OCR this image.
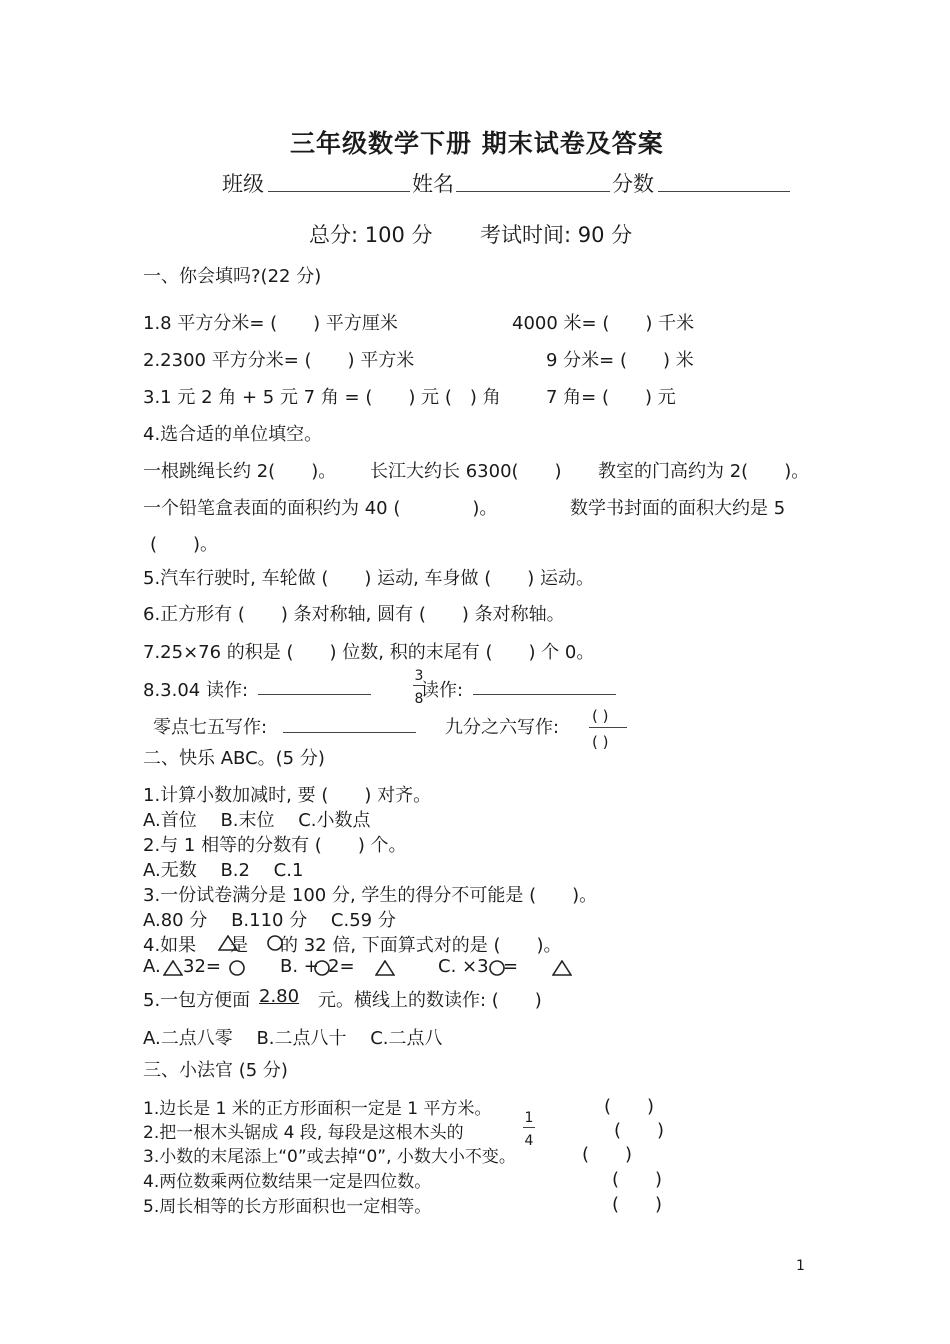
三年级数学下册 期末试卷及答案
班级	姓名	分数
总分: 100 分 考试时间: 90 分
一、你会填吗?(22 分)
1.8 平方分米= (　　) 平方厘米	4000 米= (　　) 千米
2.2300 平方分米= (　　) 平方米	9 分米= (　　) 米
3.1 元 2 角 + 5 元 7 角 = (　　) 元 (　) 角	7 角= (　　) 元
4.选合适的单位填空。
一根跳绳长约 2(　　)。 长江大约长 6300(　　) 教室的门高约为 2(　　)。
一个铅笔盒表面的面积约为 40 (　　　　)。	数学书封面的面积大约是 5
(　　)。
5.汽车行驶时, 车轮做 (　　) 运动, 车身做 (　　) 运动。
6.正方形有 (　　) 条对称轴, 圆有 (　　) 条对称轴。
7.25×76 的积是 (　　) 位数, 积的末尾有 (　　) 个 0。
8.3.04 读作:
3
8
读作:
零点七五写作:	九分之六写作:
( )
( )
二、快乐 ABC。(5 分)
1.计算小数加减时, 要 (　　) 对齐。
A.首位　 B.末位　 C.小数点
2.与 1 相等的分数有 (　　) 个。
A.无数　 B.2　 C.1
3.一份试卷满分是 100 分, 学生的得分不可能是 (　　)。
A.80 分　 B.110 分　 C.59 分
4.如果 是 的 32 倍, 下面算式对的是 (　　)。
A. 32=	B. + 2=	C. ×3 =
5.一包方便面 2.80 元。横线上的数读作: (　　)
A.二点八零　 B.二点八十　 C.二点八
三、小法官 (5 分)
1.边长是 1 米的正方形面积一定是 1 平方米。	(　　)
2.把一根木头锯成 4 段, 每段是这根木头的
1
4	(　　)
3.小数的末尾添上“0”或去掉“0”, 小数大小不变。	(　　)
4.两位数乘两位数结果一定是四位数。	(　　)
5.周长相等的长方形面积也一定相等。	(　　)
1
